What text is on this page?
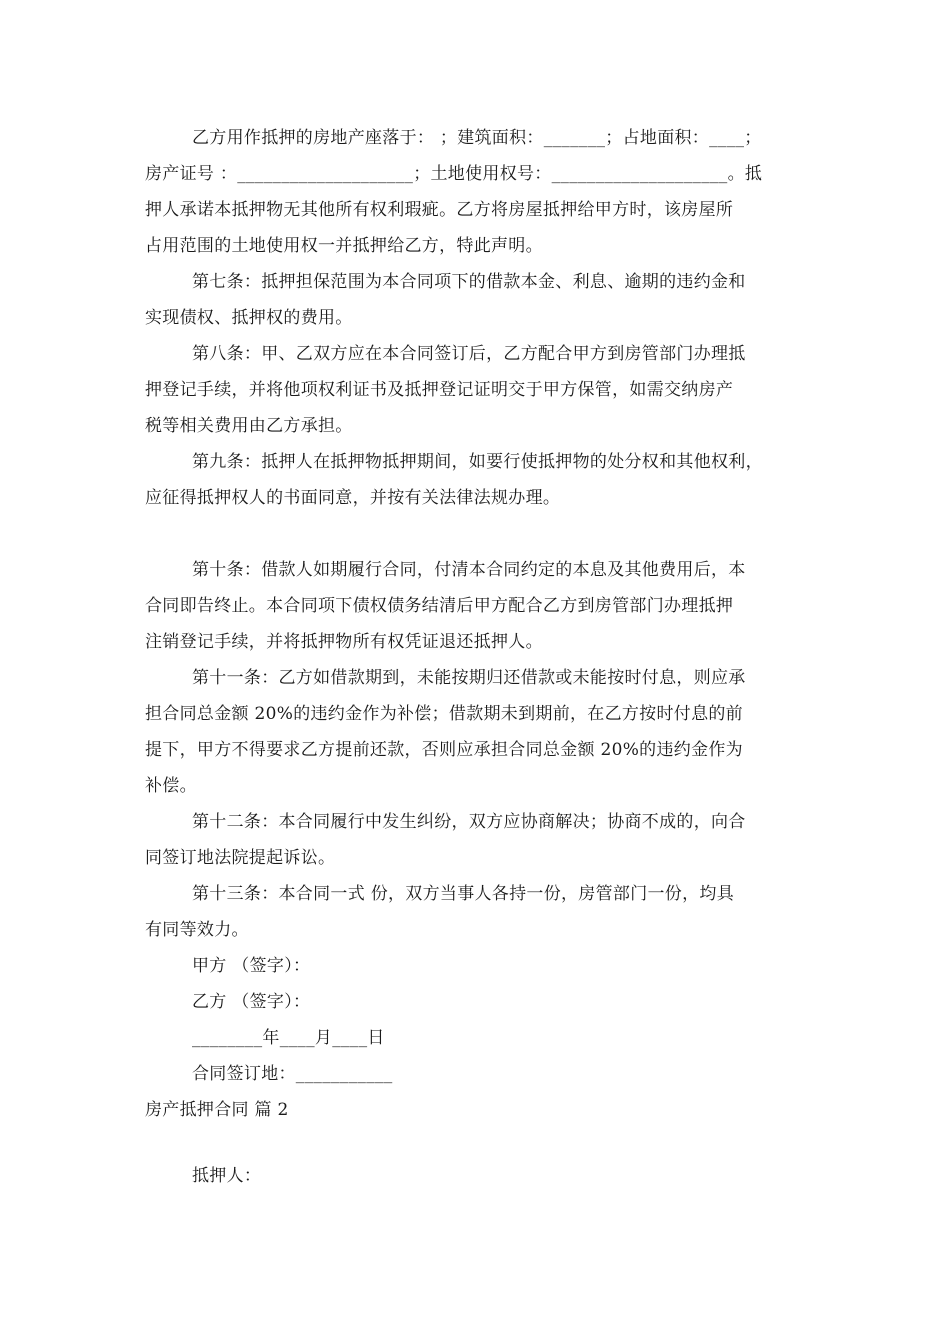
乙方用作抵押的房地产座落于： ；建筑面积：_______；占地面积：____；
房产证号 ：____________________；土地使用权号：____________________。抵
押人承诺本抵押物无其他所有权利瑕疵。乙方将房屋抵押给甲方时，该房屋所
占用范围的土地使用权一并抵押给乙方，特此声明。
第七条：抵押担保范围为本合同项下的借款本金、利息、逾期的违约金和
实现债权、抵押权的费用。
第八条：甲、乙双方应在本合同签订后，乙方配合甲方到房管部门办理抵
押登记手续，并将他项权利证书及抵押登记证明交于甲方保管，如需交纳房产
税等相关费用由乙方承担。
第九条：抵押人在抵押物抵押期间，如要行使抵押物的处分权和其他权利，
应征得抵押权人的书面同意，并按有关法律法规办理。
第十条：借款人如期履行合同，付清本合同约定的本息及其他费用后，本
合同即告终止。本合同项下债权债务结清后甲方配合乙方到房管部门办理抵押
注销登记手续，并将抵押物所有权凭证退还抵押人。
第十一条：乙方如借款期到，未能按期归还借款或未能按时付息，则应承
担合同总金额 20%的违约金作为补偿；借款期未到期前，在乙方按时付息的前
提下，甲方不得要求乙方提前还款，否则应承担合同总金额 20%的违约金作为
补偿。
第十二条：本合同履行中发生纠纷，双方应协商解决；协商不成的，向合
同签订地法院提起诉讼。
第十三条：本合同一式 份，双方当事人各持一份，房管部门一份，均具
有同等效力。
甲方 （签字）：
乙方 （签字）：
________年____月____日
合同签订地：___________
房产抵押合同 篇 2
抵押人：
